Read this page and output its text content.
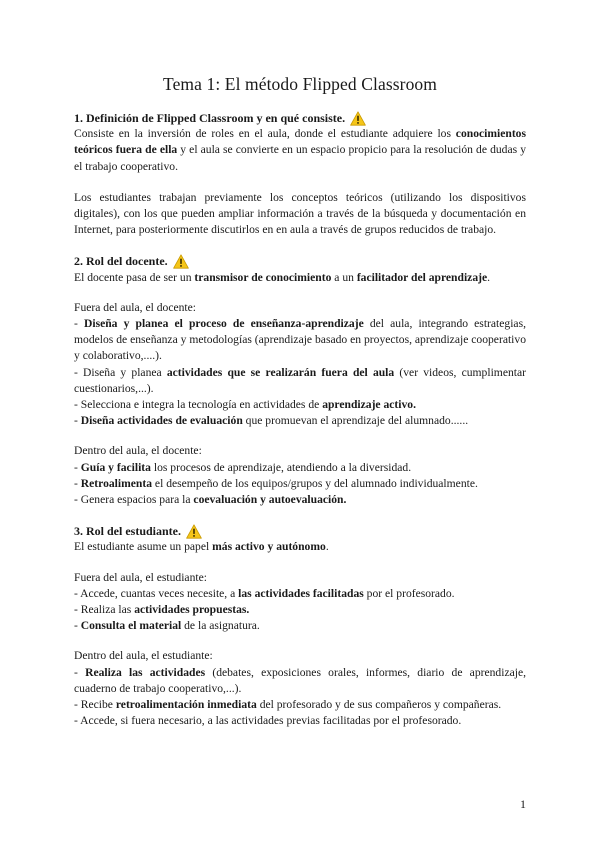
Tema 1: El método Flipped Classroom
1. Definición de Flipped Classroom y en qué consiste.

Consiste en la inversión de roles en el aula, donde el estudiante adquiere los conocimientos teóricos fuera de ella y el aula se convierte en un espacio propicio para la resolución de dudas y el trabajo cooperativo.

Los estudiantes trabajan previamente los conceptos teóricos (utilizando los dispositivos digitales), con los que pueden ampliar información a través de la búsqueda y documentación en Internet, para posteriormente discutirlos en en aula a través de grupos reducidos de trabajo.

2. Rol del docente.

El docente pasa de ser un transmisor de conocimiento a un facilitador del aprendizaje.

Fuera del aula, el docente:

- Diseña y planea el proceso de enseñanza-aprendizaje del aula, integrando estrategias, modelos de enseñanza y metodologías (aprendizaje basado en proyectos, aprendizaje cooperativo y colaborativo,....).

- Diseña y planea actividades que se realizarán fuera del aula (ver videos, cumplimentar cuestionarios,...).

- Selecciona e integra la tecnología en actividades de aprendizaje activo.

- Diseña actividades de evaluación que promuevan el aprendizaje del alumnado......

Dentro del aula, el docente:

- Guía y facilita los procesos de aprendizaje, atendiendo a la diversidad.

- Retroalimenta el desempeño de los equipos/grupos y del alumnado individualmente.

- Genera espacios para la coevaluación y autoevaluación.

3. Rol del estudiante.

El estudiante asume un papel más activo y autónomo.

Fuera del aula, el estudiante:

- Accede, cuantas veces necesite, a las actividades facilitadas por el profesorado.

- Realiza las actividades propuestas.

- Consulta el material de la asignatura.

Dentro del aula, el estudiante:

- Realiza las actividades (debates, exposiciones orales, informes, diario de aprendizaje, cuaderno de trabajo cooperativo,...).

- Recibe retroalimentación inmediata del profesorado y de sus compañeros y compañeras.

- Accede, si fuera necesario, a las actividades previas facilitadas por el profesorado.

1
